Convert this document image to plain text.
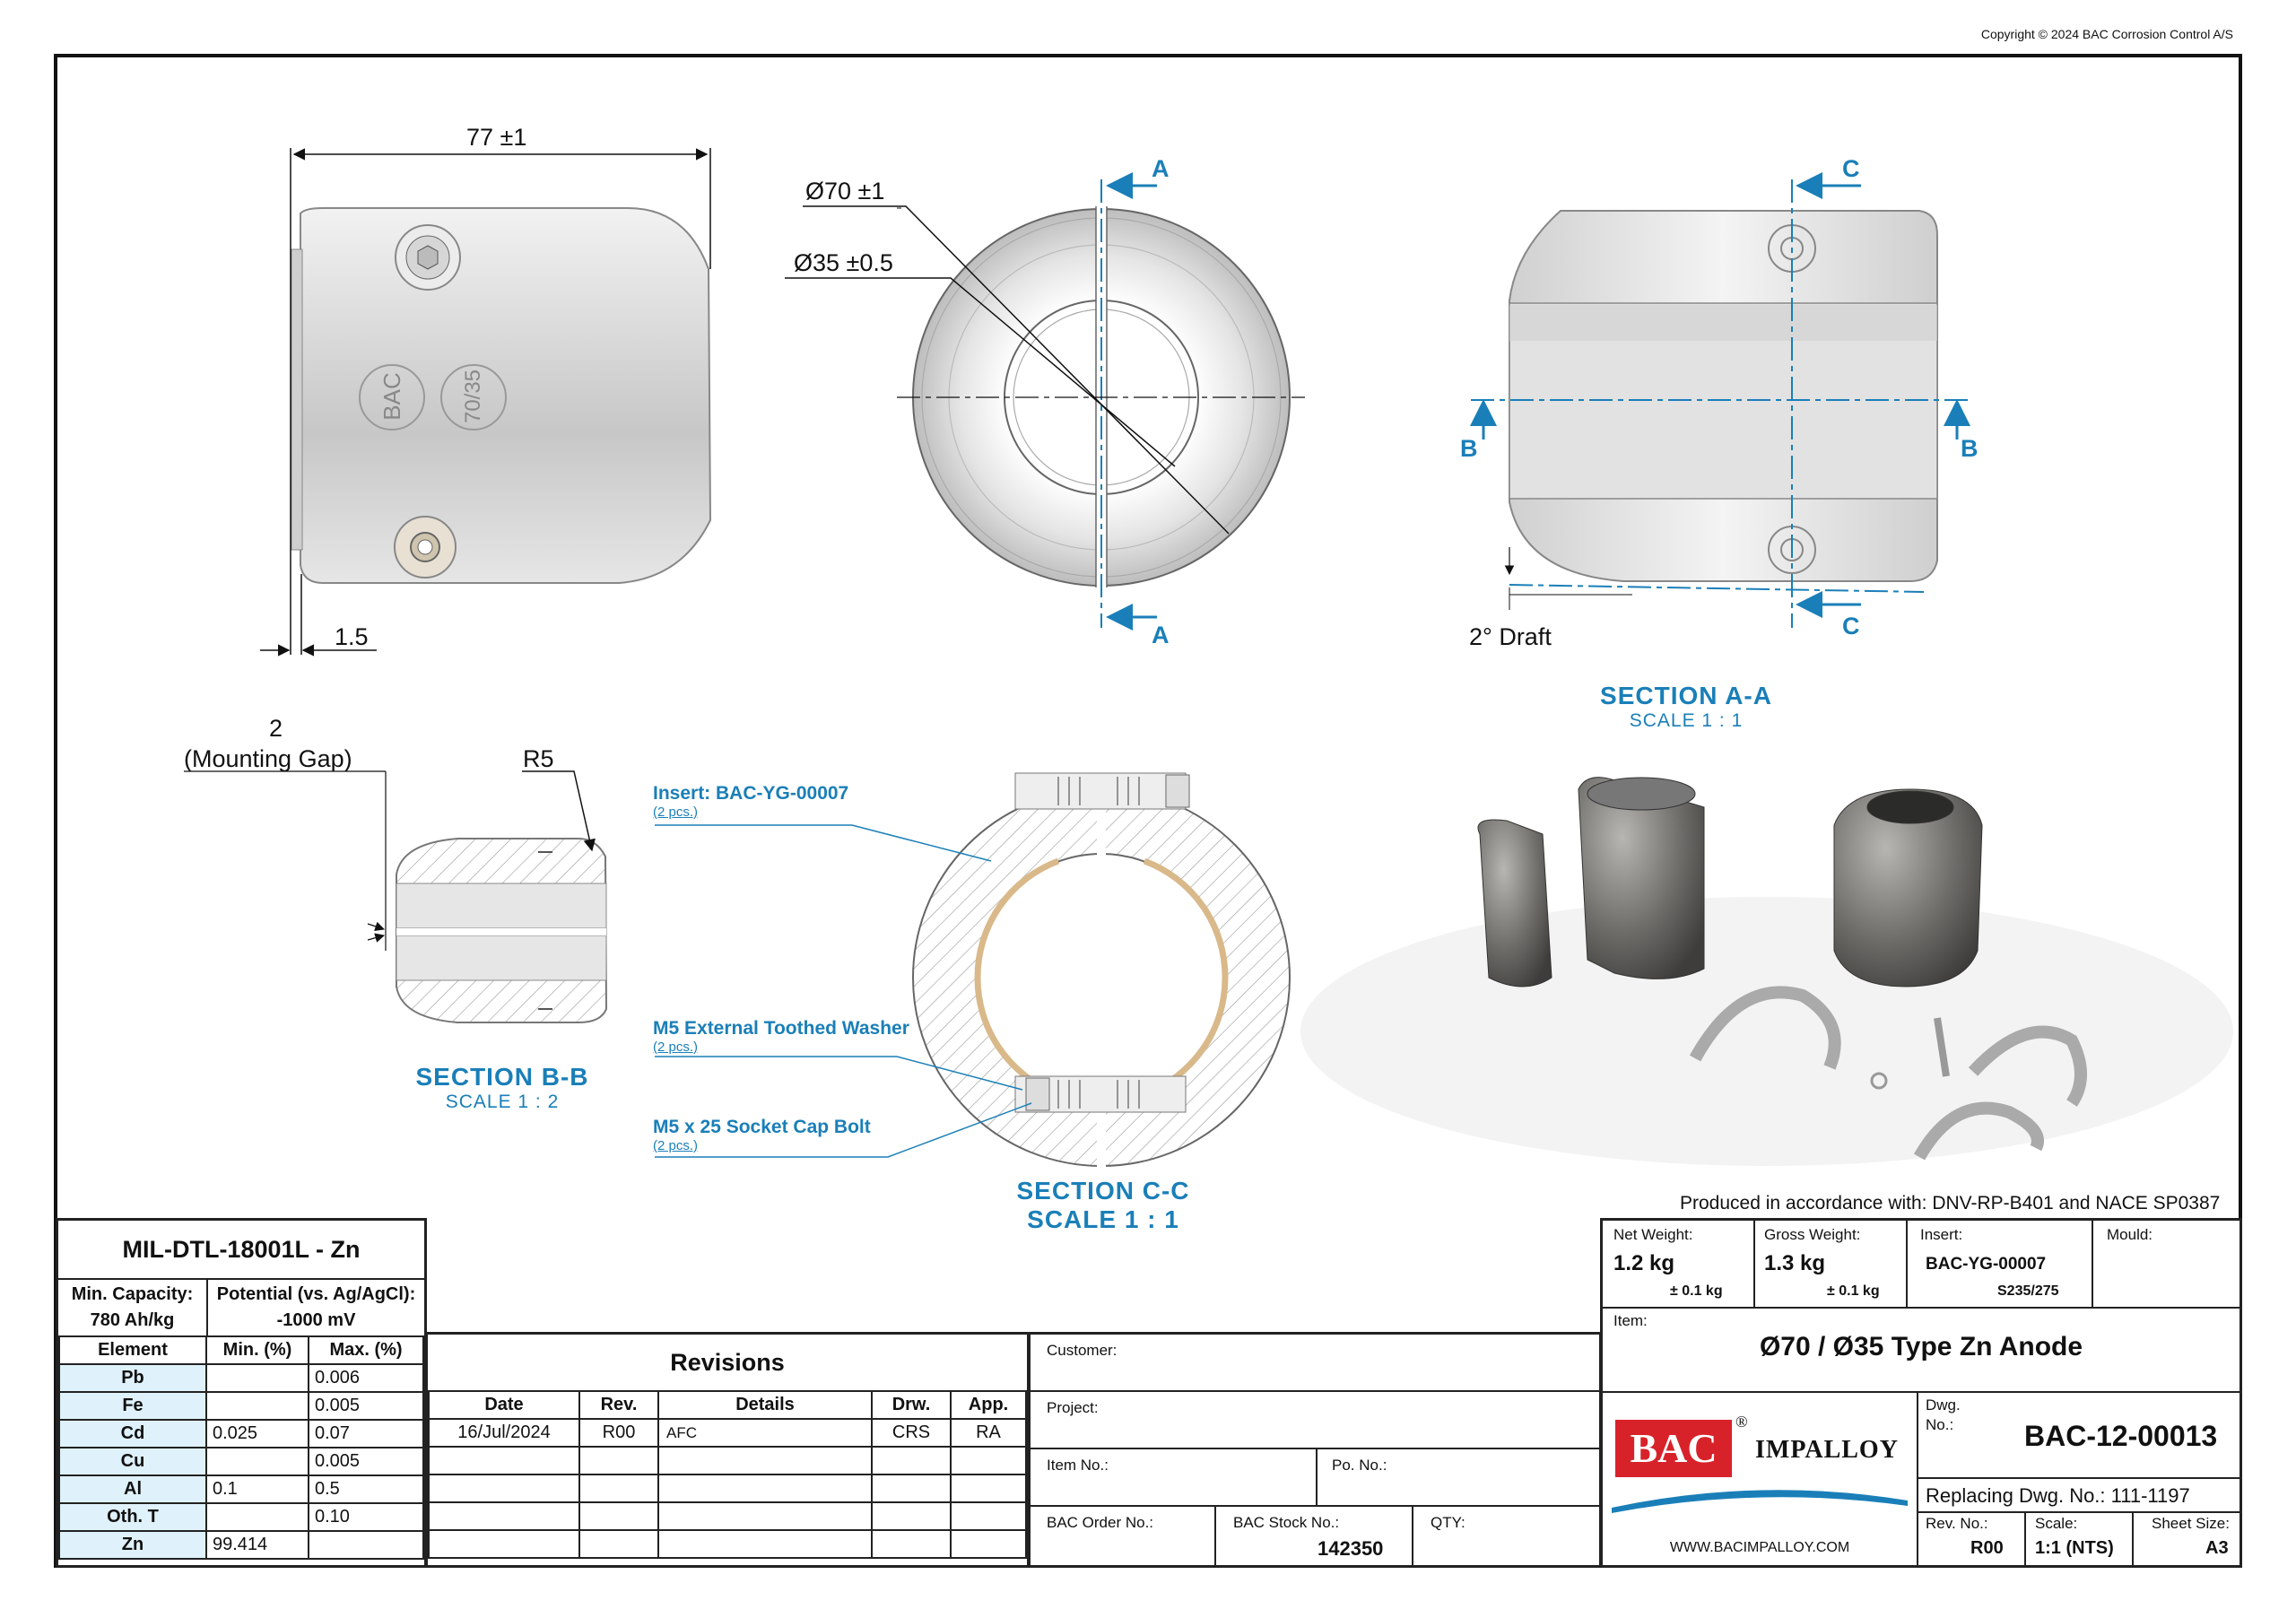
Copyright © 2024 BAC Corrosion Control A/S
77 ±1
1.5
BAC	70/35
Ø70 ±1
Ø35 ±0.5
A
A
C
C
B	B
2° Draft
SECTION A-A
SCALE 1 : 1
2
(Mounting Gap)	R5
SECTION B-B
SCALE 1 : 2
Insert: BAC-YG-00007
(2 pcs.)
M5 External Toothed Washer
(2 pcs.)
M5 x 25 Socket Cap Bolt
(2 pcs.)
SECTION C-C
SCALE 1 : 1
Produced in accordance with: DNV-RP-B401 and NACE SP0387
MIL-DTL-18001L - Zn
Min. Capacity:
780 Ah/kg
Potential (vs. Ag/AgCl):
-1000 mV
Element	Min. (%)	Max. (%)
Pb		0.006
Fe		0.005
Cd	0.025	0.07
Cu		0.005
Al	0.1	0.5
Oth. T		0.10
Zn	99.414	
Revisions
Date	Rev.	Details	Drw.	App.
16/Jul/2024	R00	AFC	CRS	RA

Customer:
Project:
Item No.:	Po. No.:
BAC Order No.:	BAC Stock No.:
142350
QTY:
Net Weight:
1.2 kg
± 0.1 kg
Gross Weight:
1.3 kg
± 0.1 kg
Insert:
BAC-YG-00007
S235/275
Mould:
Item:
Ø70 / Ø35 Type Zn Anode
BAC
®
IMPALLOY
WWW.BACIMPALLOY.COM
Dwg.
No.: BAC-12-00013
Replacing Dwg. No.: 111-1197
Rev. No.:
R00
Scale:
1:1 (NTS)
Sheet Size:
A3
